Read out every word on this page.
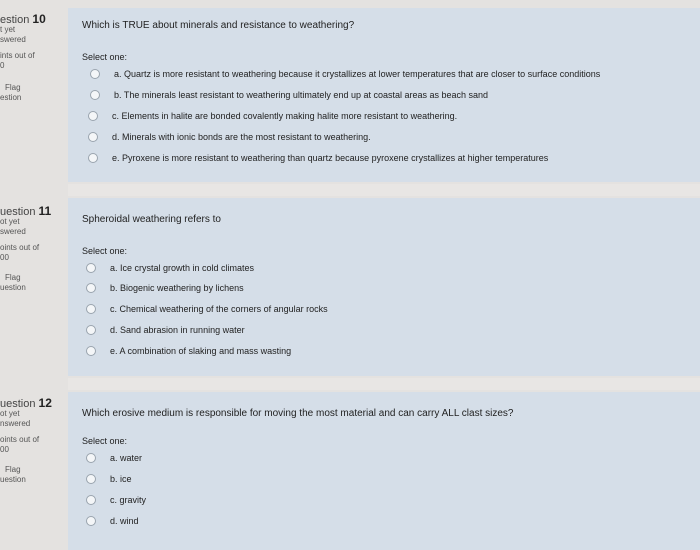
estion 10
t yet
swered
ints out of
0
Flag
estion
Which is TRUE about minerals and resistance to weathering?
Select one:
a. Quartz is more resistant to weathering because it crystallizes at lower temperatures that are closer to surface conditions
b. The minerals least resistant to weathering ultimately end up at coastal areas as beach sand
c. Elements in halite are bonded covalently making halite more resistant to weathering.
d. Minerals with ionic bonds are the most resistant to weathering.
e. Pyroxene is more resistant to weathering than quartz because pyroxene crystallizes at higher temperatures
uestion 11
ot yet
swered
oints out of
00
Flag
uestion
Spheroidal weathering refers to
Select one:
a. Ice crystal growth in cold climates
b. Biogenic weathering by lichens
c. Chemical weathering of the corners of angular rocks
d. Sand abrasion in running water
e. A combination of slaking and mass wasting
uestion 12
ot yet
nswered
oints out of
00
Flag
uestion
Which erosive medium is responsible for moving the most material and can carry ALL clast sizes?
Select one:
a. water
b. ice
c. gravity
d. wind
